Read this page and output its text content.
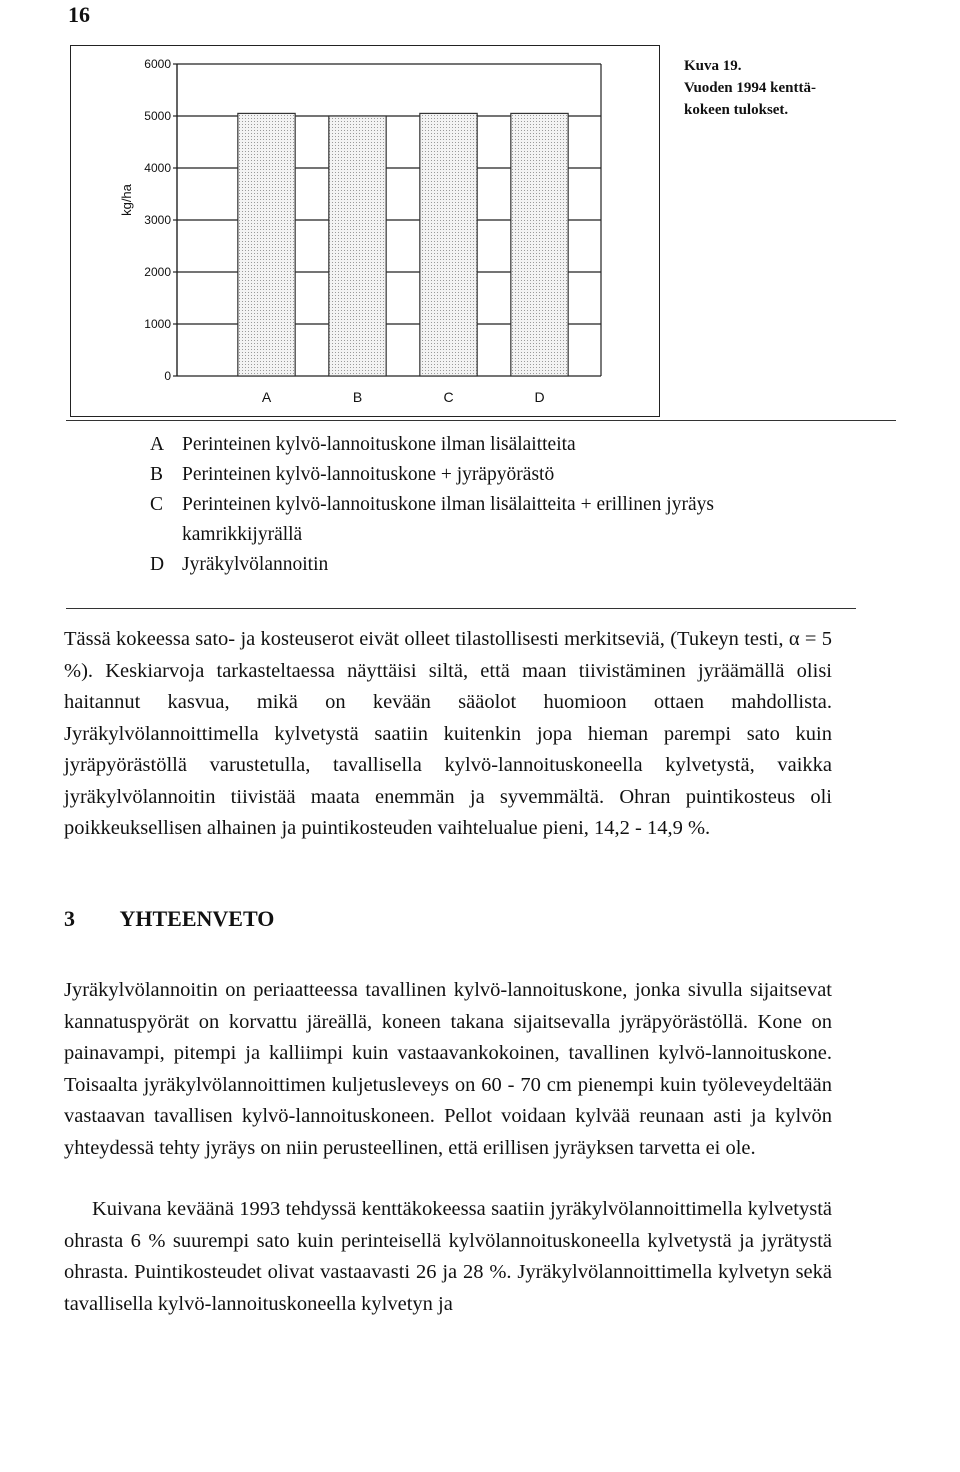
16
0
1000
2000
3000
4000
5000
6000
kg/ha
A	B	C	D
Kuva 19.
Vuoden 1994 kenttä-
kokeen tulokset.
A Perinteinen kylvö-lannoituskone ilman lisälaitteita
B Perinteinen kylvö-lannoituskone + jyräpyörästö
C Perinteinen kylvö-lannoituskone ilman lisälaitteita + erillinen jyräys
kamrikkijyrällä
D Jyräkylvölannoitin

Tässä kokeessa sato- ja kosteuserot eivät olleet tilastollisesti merkitseviä, (Tukeyn testi, α = 5 %). Keskiarvoja tarkasteltaessa näyttäisi siltä, että maan tiivistäminen jyräämällä olisi haitannut kasvua, mikä on kevään sääolot huomioon ottaen mahdollista. Jyräkylvölannoittimella kylvetystä saatiin kuitenkin jopa hieman parempi sato kuin jyräpyörästöllä varustetulla, tavallisella kylvö-lannoituskoneella kylvetystä, vaikka jyräkylvölannoitin tiivistää maata enemmän ja syvemmältä. Ohran puintikosteus oli poikkeuksellisen alhainen ja puintikosteuden vaihtelualue pieni, 14,2 - 14,9 %.

3 YHTEENVETO

Jyräkylvölannoitin on periaatteessa tavallinen kylvö-lannoituskone, jonka sivulla sijaitsevat kannatuspyörät on korvattu järeällä, koneen takana sijaitsevalla jyräpyörästöllä. Kone on painavampi, pitempi ja kalliimpi kuin vastaavankokoinen, tavallinen kylvö-lannoituskone. Toisaalta jyräkylvölannoittimen kuljetusleveys on 60 - 70 cm pienempi kuin työleveydeltään vastaavan tavallisen kylvö-lannoituskoneen. Pellot voidaan kylvää reunaan asti ja kylvön yhteydessä tehty jyräys on niin perusteellinen, että erillisen jyräyksen tarvetta ei ole.

Kuivana keväänä 1993 tehdyssä kenttäkokeessa saatiin jyräkylvölannoittimella kylvetystä ohrasta 6 % suurempi sato kuin perinteisellä kylvölannoituskoneella kylvetystä ja jyrätystä ohrasta. Puintikosteudet olivat vastaavasti 26 ja 28 %. Jyräkylvölannoittimella kylvetyn sekä tavallisella kylvö-lannoituskoneella kylvetyn ja
